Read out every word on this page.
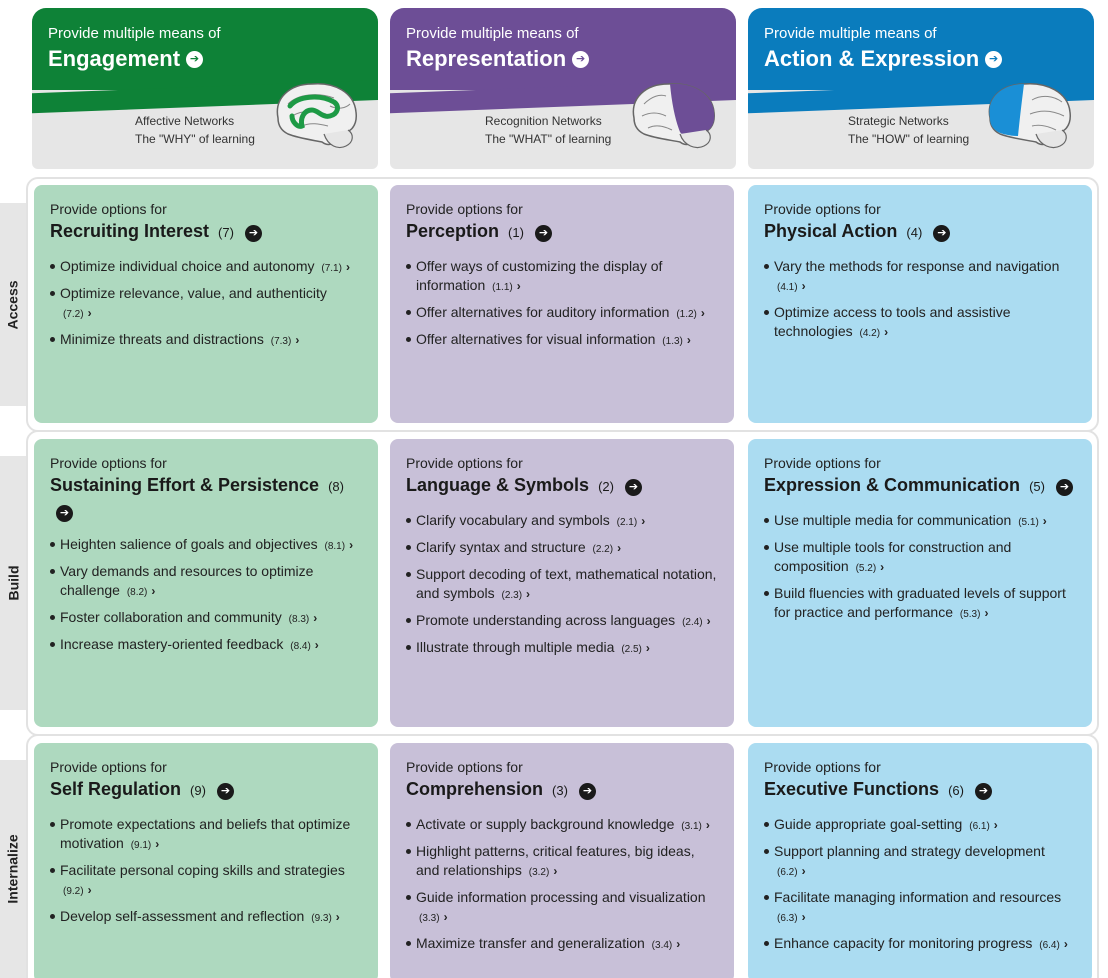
Access
Build
Internalize
Provide multiple means of
Engagement ➔
Affective Networks
The "WHY" of learning
Provide multiple means of
Representation ➔
Recognition Networks
The "WHAT" of learning
Provide multiple means of
Action & Expression ➔
Strategic Networks
The "HOW" of learning
Provide options for
Recruiting Interest (7) ➔
Optimize individual choice and autonomy (7.1) ›
Optimize relevance, value, and authenticity (7.2) ›
Minimize threats and distractions (7.3) ›
Provide options for
Perception (1) ➔
Offer ways of customizing the display of information (1.1) ›
Offer alternatives for auditory information (1.2) ›
Offer alternatives for visual information (1.3) ›
Provide options for
Physical Action (4) ➔
Vary the methods for response and navigation (4.1) ›
Optimize access to tools and assistive technologies (4.2) ›
Provide options for
Sustaining Effort & Persistence (8) ➔
Heighten salience of goals and objectives (8.1) ›
Vary demands and resources to optimize challenge (8.2) ›
Foster collaboration and community (8.3) ›
Increase mastery-oriented feedback (8.4) ›
Provide options for
Language & Symbols (2) ➔
Clarify vocabulary and symbols (2.1) ›
Clarify syntax and structure (2.2) ›
Support decoding of text, mathematical notation, and symbols (2.3) ›
Promote understanding across languages (2.4) ›
Illustrate through multiple media (2.5) ›
Provide options for
Expression & Communication (5) ➔
Use multiple media for communication (5.1) ›
Use multiple tools for construction and composition (5.2) ›
Build fluencies with graduated levels of support for practice and performance (5.3) ›
Provide options for
Self Regulation (9) ➔
Promote expectations and beliefs that optimize motivation (9.1) ›
Facilitate personal coping skills and strategies (9.2) ›
Develop self-assessment and reflection (9.3) ›
Provide options for
Comprehension (3) ➔
Activate or supply background knowledge (3.1) ›
Highlight patterns, critical features, big ideas, and relationships (3.2) ›
Guide information processing and visualization (3.3) ›
Maximize transfer and generalization (3.4) ›
Provide options for
Executive Functions (6) ➔
Guide appropriate goal-setting (6.1) ›
Support planning and strategy development (6.2) ›
Facilitate managing information and resources (6.3) ›
Enhance capacity for monitoring progress (6.4) ›
